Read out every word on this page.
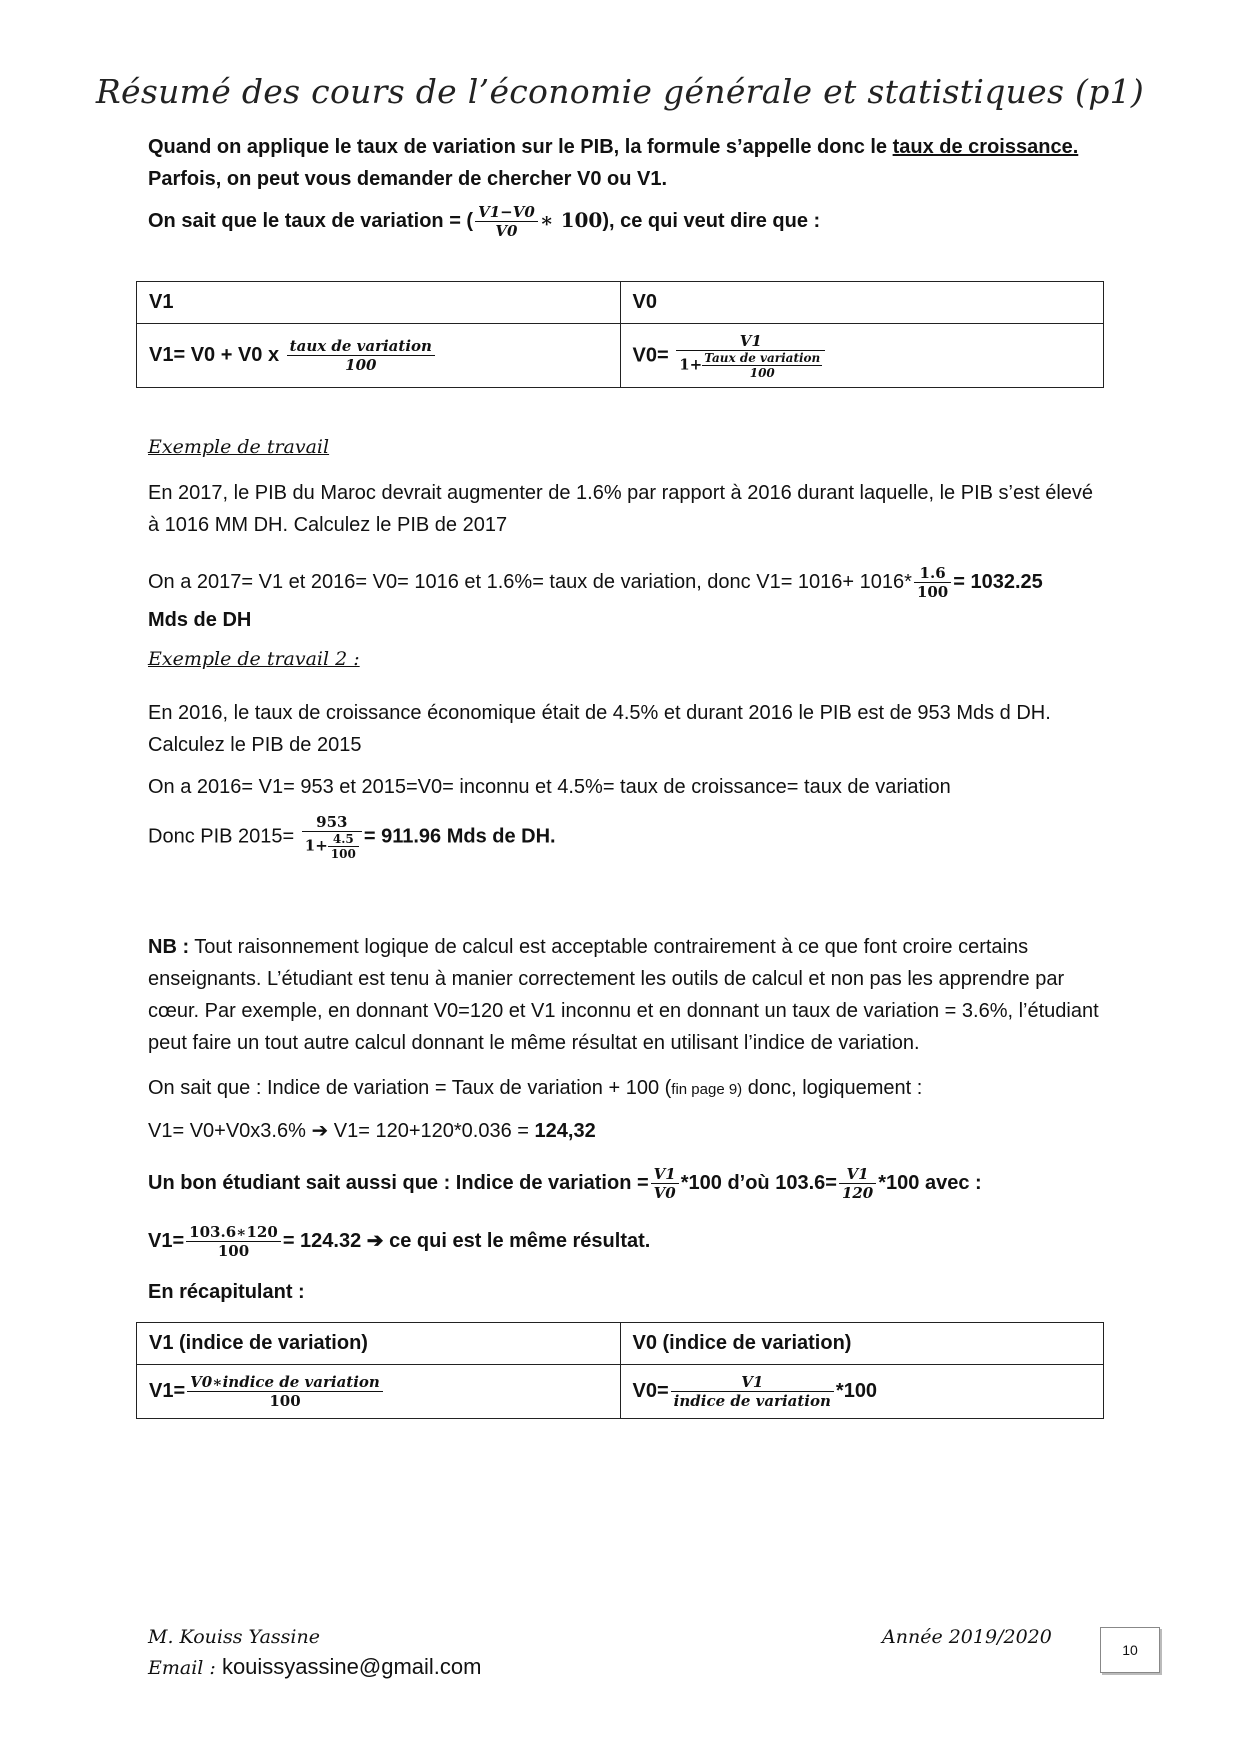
Résumé des cours de l’économie générale et statistiques (p1)
Quand on applique le taux de variation sur le PIB, la formule s’appelle donc le taux de croissance.
Parfois, on peut vous demander de chercher V0 ou V1.
On sait que le taux de variation = ( $\frac{V1-V0}{V0}$ ∗ 100), ce qui veut dire que :
V1	V0
V1= V0 + V0 x $\frac{\text{taux de variation}}{100}$	$V0= \frac{V1}{1+ \frac{\text{Taux de variation}}{100}}$
Exemple de travail
En 2017, le PIB du Maroc devrait augmenter de 1.6% par rapport à 2016 durant laquelle, le PIB s’est élevé à 1016 MM DH. Calculez le PIB de 2017
On a 2017= V1 et 2016= V0= 1016 et 1.6%= taux de variation, donc $V1= 1016+ 1016* \frac{1.6}{100} = 1032.25$
Mds de DH
Exemple de travail 2 :
En 2016, le taux de croissance économique était de 4.5% et durant 2016 le PIB est de 953 Mds d DH. Calculez le PIB de 2015
On a 2016= V1= 953 et 2015=V0= inconnu et 4.5%= taux de croissance= taux de variation
Donc PIB $2015= \frac{953}{1+ \frac{4.5}{100}} = 911.96$ Mds de DH.
NB : Tout raisonnement logique de calcul est acceptable contrairement à ce que font croire certains enseignants. L’étudiant est tenu à manier correctement les outils de calcul et non pas les apprendre par cœur. Par exemple, en donnant V0=120 et V1 inconnu et en donnant un taux de variation = 3.6%, l’étudiant peut faire un tout autre calcul donnant le même résultat en utilisant l’indice de variation.
On sait que : Indice de variation = Taux de variation + 100 (fin page 9) donc, logiquement :
V1= V0+V0x3.6% ➔ V1= 120+120*0.036 = 124,32
Un bon étudiant sait aussi que : Indice de variation = $\frac{V1}{V0} *100$ d’où $103.6= \frac{V1}{120} *100$ avec :
$V1= \frac{103.6∗120}{100} = 124.32$ ➔ ce qui est le même résultat.
En récapitulant :
V1 (indice de variation)	V0 (indice de variation)
$V1= \frac{\text{V0∗indice de variation}}{100}$	$V0= \frac{V1}{\text{indice de variation}} *100$
M. Kouiss Yassine	Année 2019/2020
10
Email : kouissyassine@gmail.com
